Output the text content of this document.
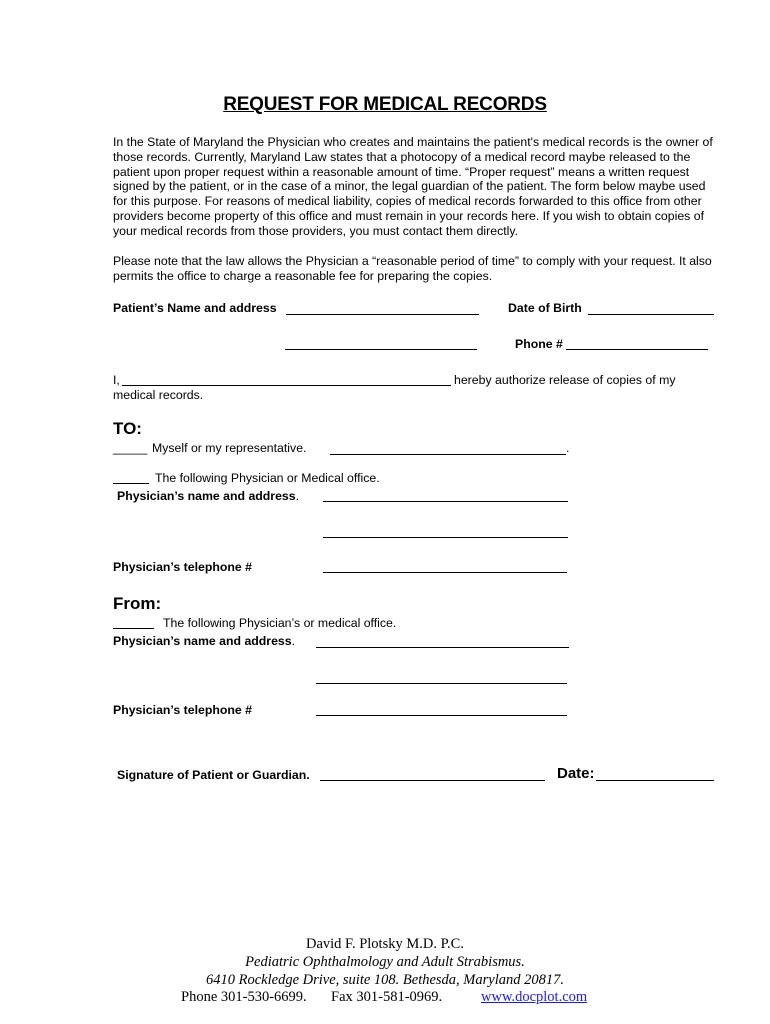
REQUEST FOR MEDICAL RECORDS
In the State of Maryland the Physician who creates and maintains the patient's medical records is the owner of those records. Currently, Maryland Law states that a photocopy of a medical record maybe released to the patient upon proper request within a reasonable amount of time. “Proper request” means a written request signed by the patient, or in the case of a minor, the legal guardian of the patient. The form below maybe used for this purpose. For reasons of medical liability, copies of medical records forwarded to this office from other providers become property of this office and must remain in your records here. If you wish to obtain copies of your medical records from those providers, you must contact them directly.
Please note that the law allows the Physician a “reasonable period of time” to comply with your request. It also permits the office to charge a reasonable fee for preparing the copies.
Patient’s Name and address	Date of Birth
Phone #
I,	hereby authorize release of copies of my
medical records.
TO:
_____ Myself or my representative.	.
The following Physician or Medical office.
Physician’s name and address.
Physician’s telephone #
From:
The following Physician’s or medical office.
Physician’s name and address.
Physician’s telephone #
Signature of Patient or Guardian.	Date:
David F. Plotsky M.D. P.C.
Pediatric Ophthalmology and Adult Strabismus.
6410 Rockledge Drive, suite 108. Bethesda, Maryland 20817.
Phone 301-530-6699. Fax 301-581-0969.	www.docplot.com
